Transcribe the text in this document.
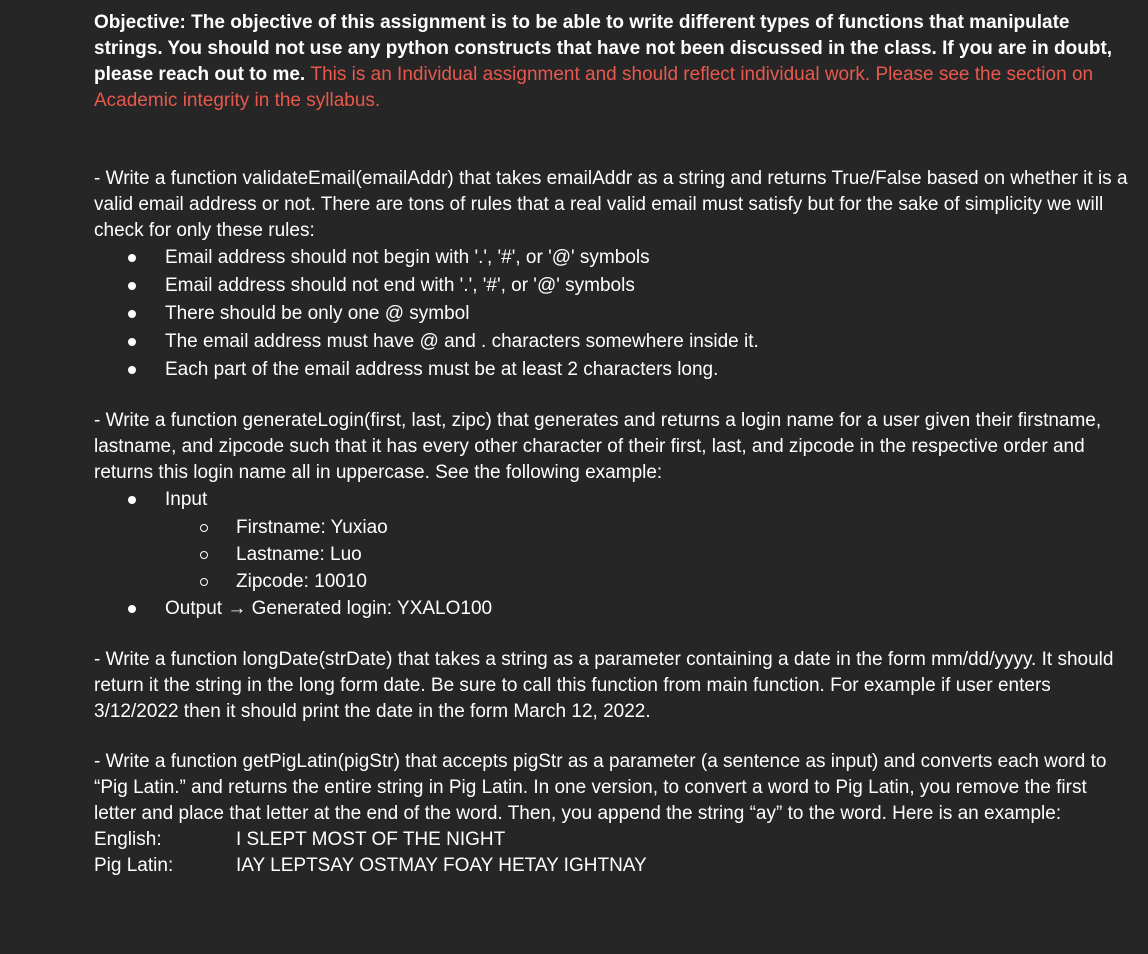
Objective: The objective of this assignment is to be able to write different types of functions that manipulate strings. You should not use any python constructs that have not been discussed in the class. If you are in doubt, please reach out to me. This is an Individual assignment and should reflect individual work. Please see the section on Academic integrity in the syllabus.

- Write a function validateEmail(emailAddr) that takes emailAddr as a string and returns True/False based on whether it is a valid email address or not. There are tons of rules that a real valid email must satisfy but for the sake of simplicity we will check for only these rules:

Email address should not begin with '.', '#', or '@' symbols
Email address should not end with '.', '#', or '@' symbols
There should be only one @ symbol
The email address must have @ and . characters somewhere inside it.
Each part of the email address must be at least 2 characters long.

- Write a function generateLogin(first, last, zipc) that generates and returns a login name for a user given their firstname, lastname, and zipcode such that it has every other character of their first, last, and zipcode in the respective order and returns this login name all in uppercase. See the following example:

Input
Firstname: Yuxiao
Lastname: Luo
Zipcode: 10010
Output → Generated login: YXALO100

- Write a function longDate(strDate) that takes a string as a parameter containing a date in the form mm/dd/yyyy. It should return it the string in the long form date. Be sure to call this function from main function. For example if user enters 3/12/2022 then it should print the date in the form March 12, 2022.

- Write a function getPigLatin(pigStr) that accepts pigStr as a parameter (a sentence as input) and converts each word to “Pig Latin.” and returns the entire string in Pig Latin. In one version, to convert a word to Pig Latin, you remove the first letter and place that letter at the end of the word. Then, you append the string “ay” to the word. Here is an example:

English:	I SLEPT MOST OF THE NIGHT
Pig Latin:	IAY LEPTSAY OSTMAY FOAY HETAY IGHTNAY
